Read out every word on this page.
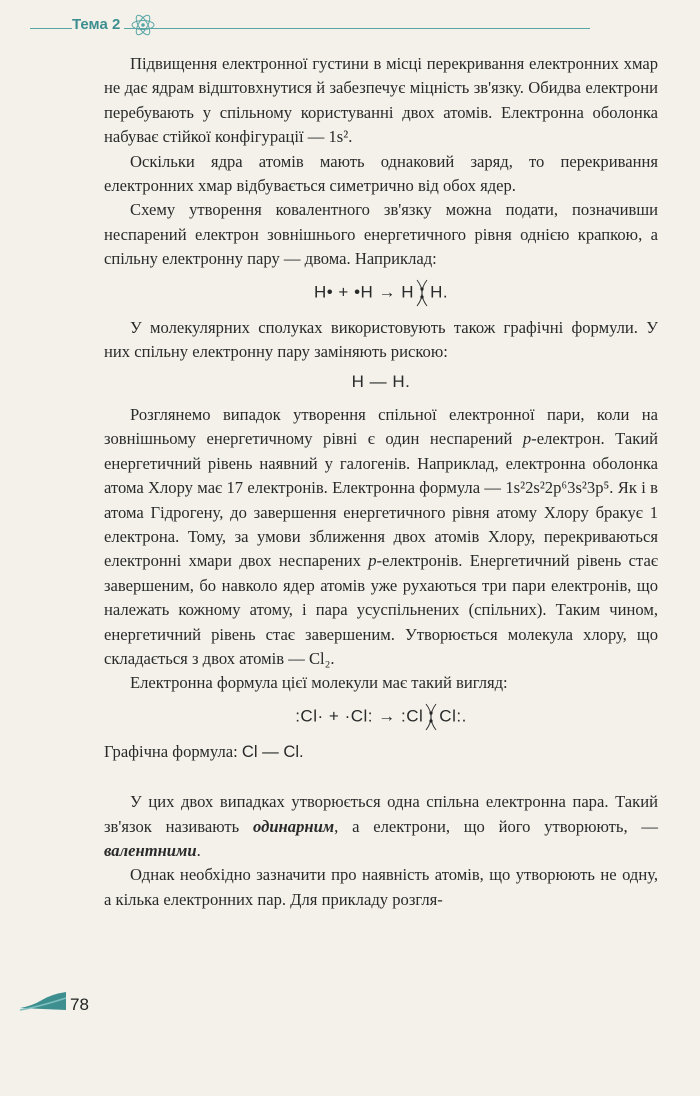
Тема 2

Підвищення електронної густини в місці перекривання електронних хмар не дає ядрам відштовхнутися й забезпечує міцність зв'язку. Обидва електрони перебувають у спільному користуванні двох атомів. Електронна оболонка набуває стійкої конфігурації — 1s².

Оскільки ядра атомів мають однаковий заряд, то перекривання електронних хмар відбувається симетрично від обох ядер.

Схему утворення ковалентного зв'язку можна подати, позначивши неспарений електрон зовнішнього енергетичного рівня однією крапкою, а спільну електронну пару — двома. Наприклад:

H• + •H → H H.

У молекулярних сполуках використовують також графічні формули. У них спільну електронну пару заміняють рискою:

H — H.

Розглянемо випадок утворення спільної електронної пари, коли на зовнішньому енергетичному рівні є один неспарений p-електрон. Такий енергетичний рівень наявний у галогенів. Наприклад, електронна оболонка атома Хлору має 17 електронів. Електронна формула — 1s²2s²2p⁶3s²3p⁵. Як і в атома Гідрогену, до завершення енергетичного рівня атому Хлору бракує 1 електрона. Тому, за умови зближення двох атомів Хлору, перекриваються електронні хмари двох неспарених p-електронів. Енергетичний рівень стає завершеним, бо навколо ядер атомів уже рухаються три пари електронів, що належать кожному атому, і пара усуспільнених (спільних). Таким чином, енергетичний рівень стає завершеним. Утворюється молекула хлору, що складається з двох атомів — Cl₂.

Електронна формула цієї молекули має такий вигляд:

:Cl· + ·Cl: → :Cl Cl:.

Графічна формула: Cl — Cl.

У цих двох випадках утворюється одна спільна електронна пара. Такий зв'язок називають одинарним, а електрони, що його утворюють, — валентними.

Однак необхідно зазначити про наявність атомів, що утворюють не одну, а кілька електронних пар. Для прикладу розгля-

78
